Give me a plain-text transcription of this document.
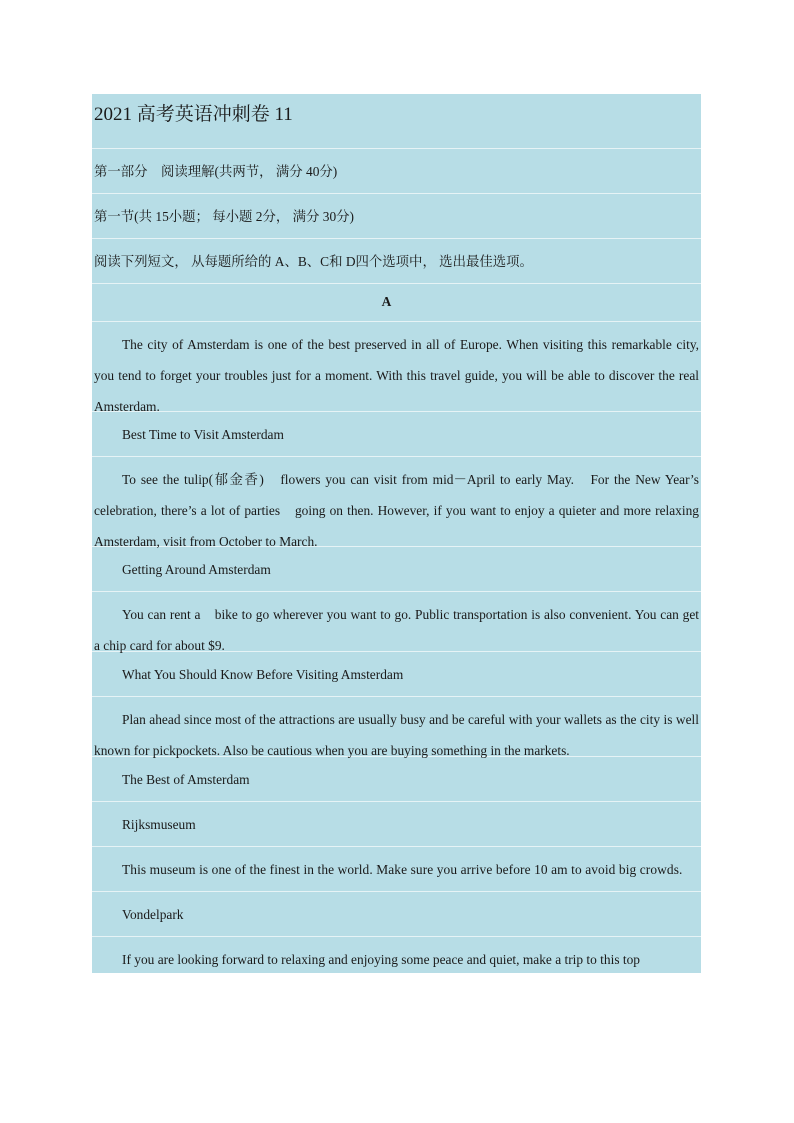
2021 高考英语冲刺卷 11
第一部分　阅读理解(共两节， 满分 40分)
第一节(共 15小题； 每小题 2分， 满分 30分)
阅读下列短文， 从每题所给的 A、B、C和 D四个选项中， 选出最佳选项。
A
The city of Amsterdam is one of the best preserved in all of Europe. When visiting this remarkable city, you tend to forget your troubles just for a moment. With this travel guide, you will be able to discover the real Amsterdam.
Best Time to Visit Amsterdam
To see the tulip(郁金香)　flowers you can visit from mid－April to early May.　For the New Year’s celebration, there’s a lot of parties　going on then. However, if you want to enjoy a quieter and more relaxing Amsterdam, visit from October to March.
Getting Around Amsterdam
You can rent a　bike to go wherever you want to go. Public transportation is also convenient. You can get a chip card for about $9.
What You Should Know Before Visiting Amsterdam
Plan ahead since most of the attractions are usually busy and be careful with your wallets as the city is well known for pickpockets. Also be cautious when you are buying something in the markets.
The Best of Amsterdam
Rijksmuseum
This museum is one of the finest in the world. Make sure you arrive before 10 am to avoid big crowds.
Vondelpark
If you are looking forward to relaxing and enjoying some peace and quiet, make a trip to this top
